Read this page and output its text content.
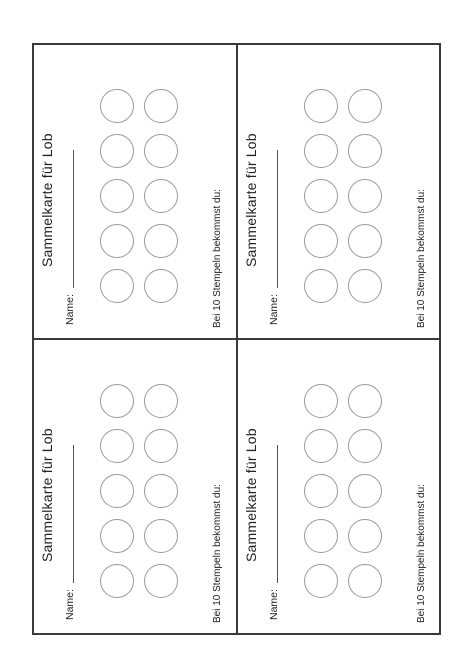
Sammelkarte für Lob
Name:	Bei 10 Stempeln bekommst du: Sammelkarte für Lob
Name:	Bei 10 Stempeln bekommst du:
Sammelkarte für Lob
Name:	Bei 10 Stempeln bekommst du: Sammelkarte für Lob
Name:	Bei 10 Stempeln bekommst du:
